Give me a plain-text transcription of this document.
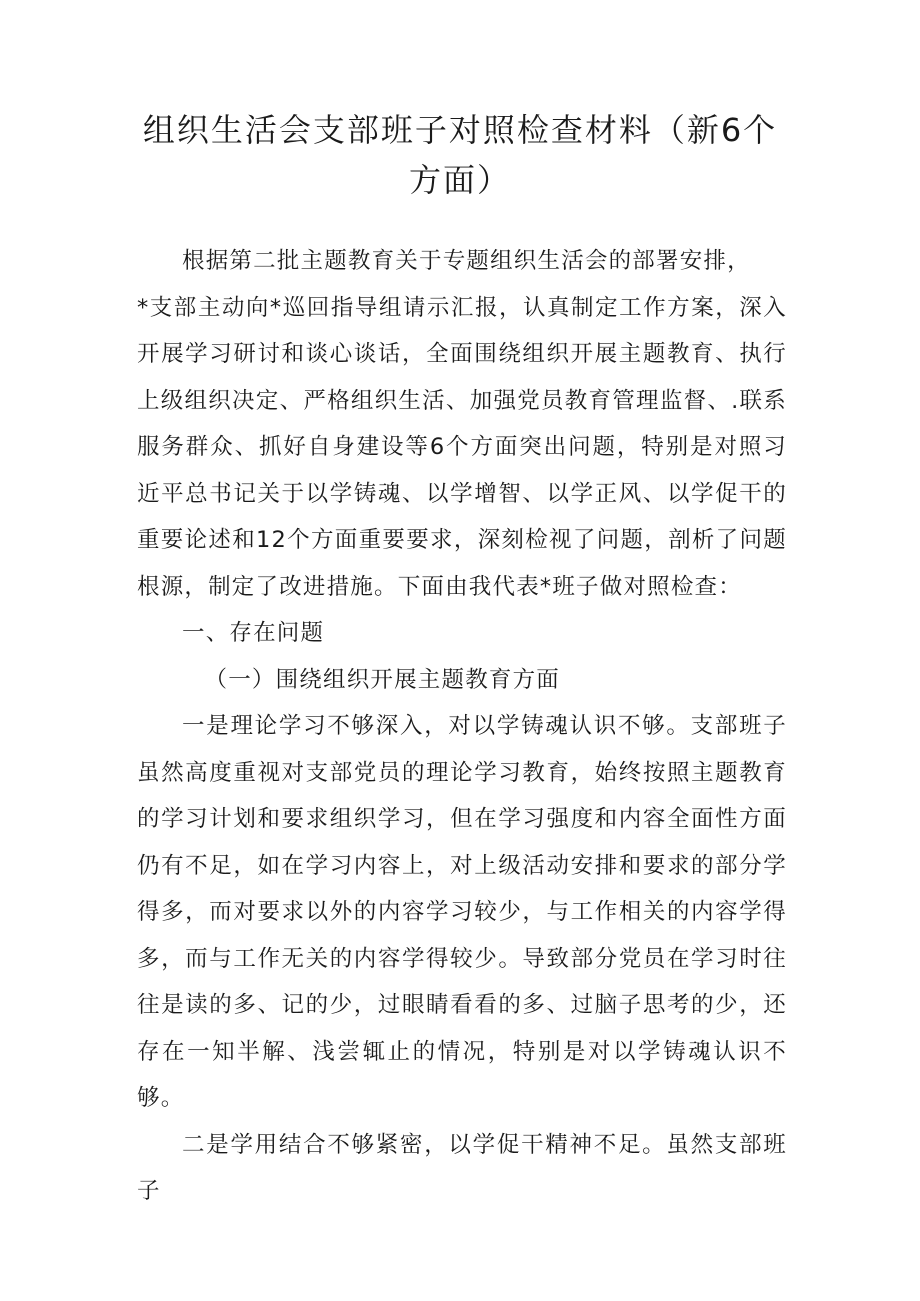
组织生活会支部班子对照检查材料（新6个方面）

根据第二批主题教育关于专题组织生活会的部署安排，

*支部主动向*巡回指导组请示汇报，认真制定工作方案，深入开展学习研讨和谈心谈话，全面围绕组织开展主题教育、执行上级组织决定、严格组织生活、加强党员教育管理监督、.联系服务群众、抓好自身建设等6个方面突出问题，特别是对照习近平总书记关于以学铸魂、以学增智、以学正风、以学促干的重要论述和12个方面重要要求，深刻检视了问题，剖析了问题根源，制定了改进措施。下面由我代表*班子做对照检查：

一、存在问题

（一）围绕组织开展主题教育方面

一是理论学习不够深入，对以学铸魂认识不够。支部班子虽然高度重视对支部党员的理论学习教育，始终按照主题教育的学习计划和要求组织学习，但在学习强度和内容全面性方面仍有不足，如在学习内容上，对上级活动安排和要求的部分学得多，而对要求以外的内容学习较少，与工作相关的内容学得多，而与工作无关的内容学得较少。导致部分党员在学习时往往是读的多、记的少，过眼睛看看的多、过脑子思考的少，还存在一知半解、浅尝辄止的情况，特别是对以学铸魂认识不够。

二是学用结合不够紧密，以学促干精神不足。虽然支部班子
